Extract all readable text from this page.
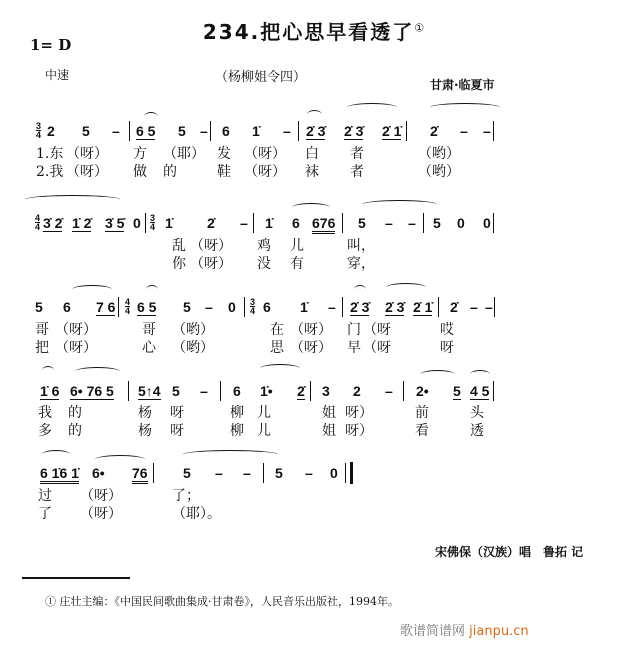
234.把心思早看透了①
1= D
中速	（杨柳姐令四）	甘肃·临夏市
3
4 2 5 – 6 5 5 – 6 1̇ – 2̇ 3̇ 2̇ 3̇ 2̇ 1̇ 2̇ – –
1.东 （呀） 方 （耶） 发 （呀） 白 者	（哟）
2.我 （呀） 做 的	鞋 （呀） 袜 者	（哟）
4
4
3
4
3̇ 2̇ 1̇ 2̇ 3̇ 5̇ 0 1̇ 2̇ – 1̇ 6 676 5 – – 5 0 0
乱 （呀） 鸡 儿	叫，
你 （呀） 没 有	穿，
4
4
3
4
5 6 7 6 6 5 5 – 0 6 1̇ – 2̇ 3̇ 2̇ 3̇ 2̇ 1̇ 2̇ – –
哥 （呀）	哥 （哟）	在 （呀） 门 （呀	哎
把 （呀）	心 （哟）	思 （呀） 早 （呀	呀
1̇ 6 6• 76 5 5↑4 5 – 6 1̇• 2̇ 3 2 – 2• 5 4 5
我 的	杨 呀	柳 儿	姐 呀）	前	头
多 的	杨 呀	柳 儿	姐 呀）	看	透
6 1̇6 1̇ 6• 76	5 – – 5 – 0
过 （呀）	了；
了 （呀）	（耶）。
宋佛保（汉族）唱　鲁拓 记
① 庄壮主编：《中国民间歌曲集成·甘肃卷》，人民音乐出版社，1994年。
歌谱简谱网 jianpu.cn
